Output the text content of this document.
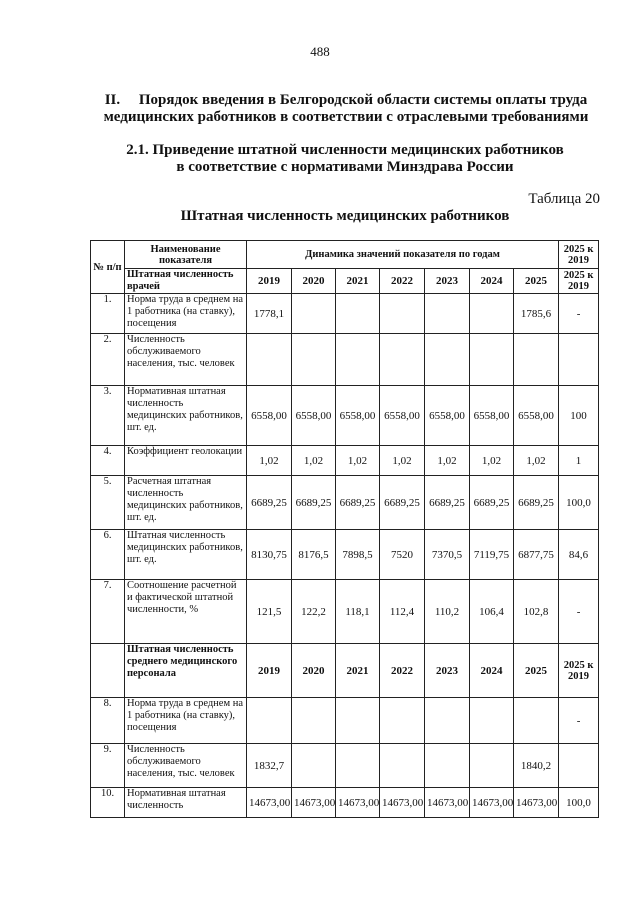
488
II.     Порядок введения в Белгородской области системы оплаты труда
медицинских работников в соответствии с отраслевыми требованиями
2.1. Приведение штатной численности медицинских работников
в соответствие с нормативами Минздрава России
Таблица 20
Штатная численность медицинских работников
№ п/п	Наименование показателя	Динамика значений показателя по годам							2025 к 2019
	Штатная численность врачей	2019	2020	2021	2022	2023	2024	2025	2025 к 2019
1.	Норма труда в среднем на 1 работника (на ставку), посещения	1778,1						1785,6	-
2.	Численность обслуживаемого населения, тыс. человек								
3.	Нормативная штатная численность медицинских работников, шт. ед.	6558,00	6558,00	6558,00	6558,00	6558,00	6558,00	6558,00	100
4.	Коэффициент геолокации	1,02	1,02	1,02	1,02	1,02	1,02	1,02	1
5.	Расчетная штатная численность медицинских работников, шт. ед.	6689,25	6689,25	6689,25	6689,25	6689,25	6689,25	6689,25	100,0
6.	Штатная численность медицинских работников, шт. ед.	8130,75	8176,5	7898,5	7520	7370,5	7119,75	6877,75	84,6
7.	Соотношение расчетной и фактической штатной численности, %	121,5	122,2	118,1	112,4	110,2	106,4	102,8	-
	Штатная численность среднего медицинского персонала	2019	2020	2021	2022	2023	2024	2025	2025 к 2019
8.	Норма труда в среднем на 1 работника (на ставку), посещения								-
9.	Численность обслуживаемого населения, тыс. человек	1832,7						1840,2	
10.	Нормативная штатная численность	14673,00	14673,00	14673,00	14673,00	14673,00	14673,00	14673,00	100,0
